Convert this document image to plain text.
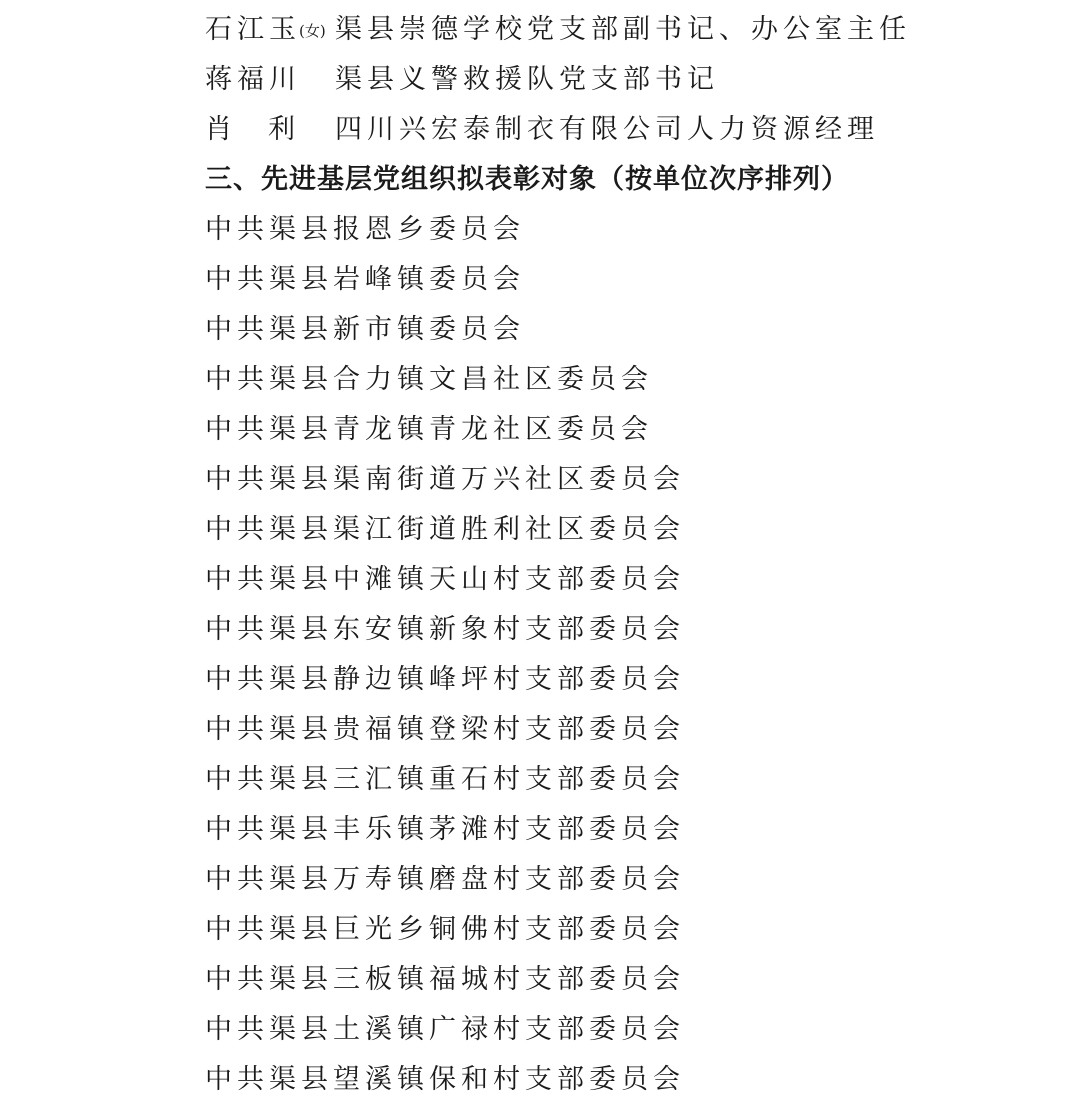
石江玉(女) 渠县崇德学校党支部副书记、办公室主任
蒋福川 渠县义警救援队党支部书记
肖利 四川兴宏泰制衣有限公司人力资源经理
三、先进基层党组织拟表彰对象（按单位次序排列）
中共渠县报恩乡委员会
中共渠县岩峰镇委员会
中共渠县新市镇委员会
中共渠县合力镇文昌社区委员会
中共渠县青龙镇青龙社区委员会
中共渠县渠南街道万兴社区委员会
中共渠县渠江街道胜利社区委员会
中共渠县中滩镇天山村支部委员会
中共渠县东安镇新象村支部委员会
中共渠县静边镇峰坪村支部委员会
中共渠县贵福镇登梁村支部委员会
中共渠县三汇镇重石村支部委员会
中共渠县丰乐镇茅滩村支部委员会
中共渠县万寿镇磨盘村支部委员会
中共渠县巨光乡铜佛村支部委员会
中共渠县三板镇福城村支部委员会
中共渠县土溪镇广禄村支部委员会
中共渠县望溪镇保和村支部委员会
